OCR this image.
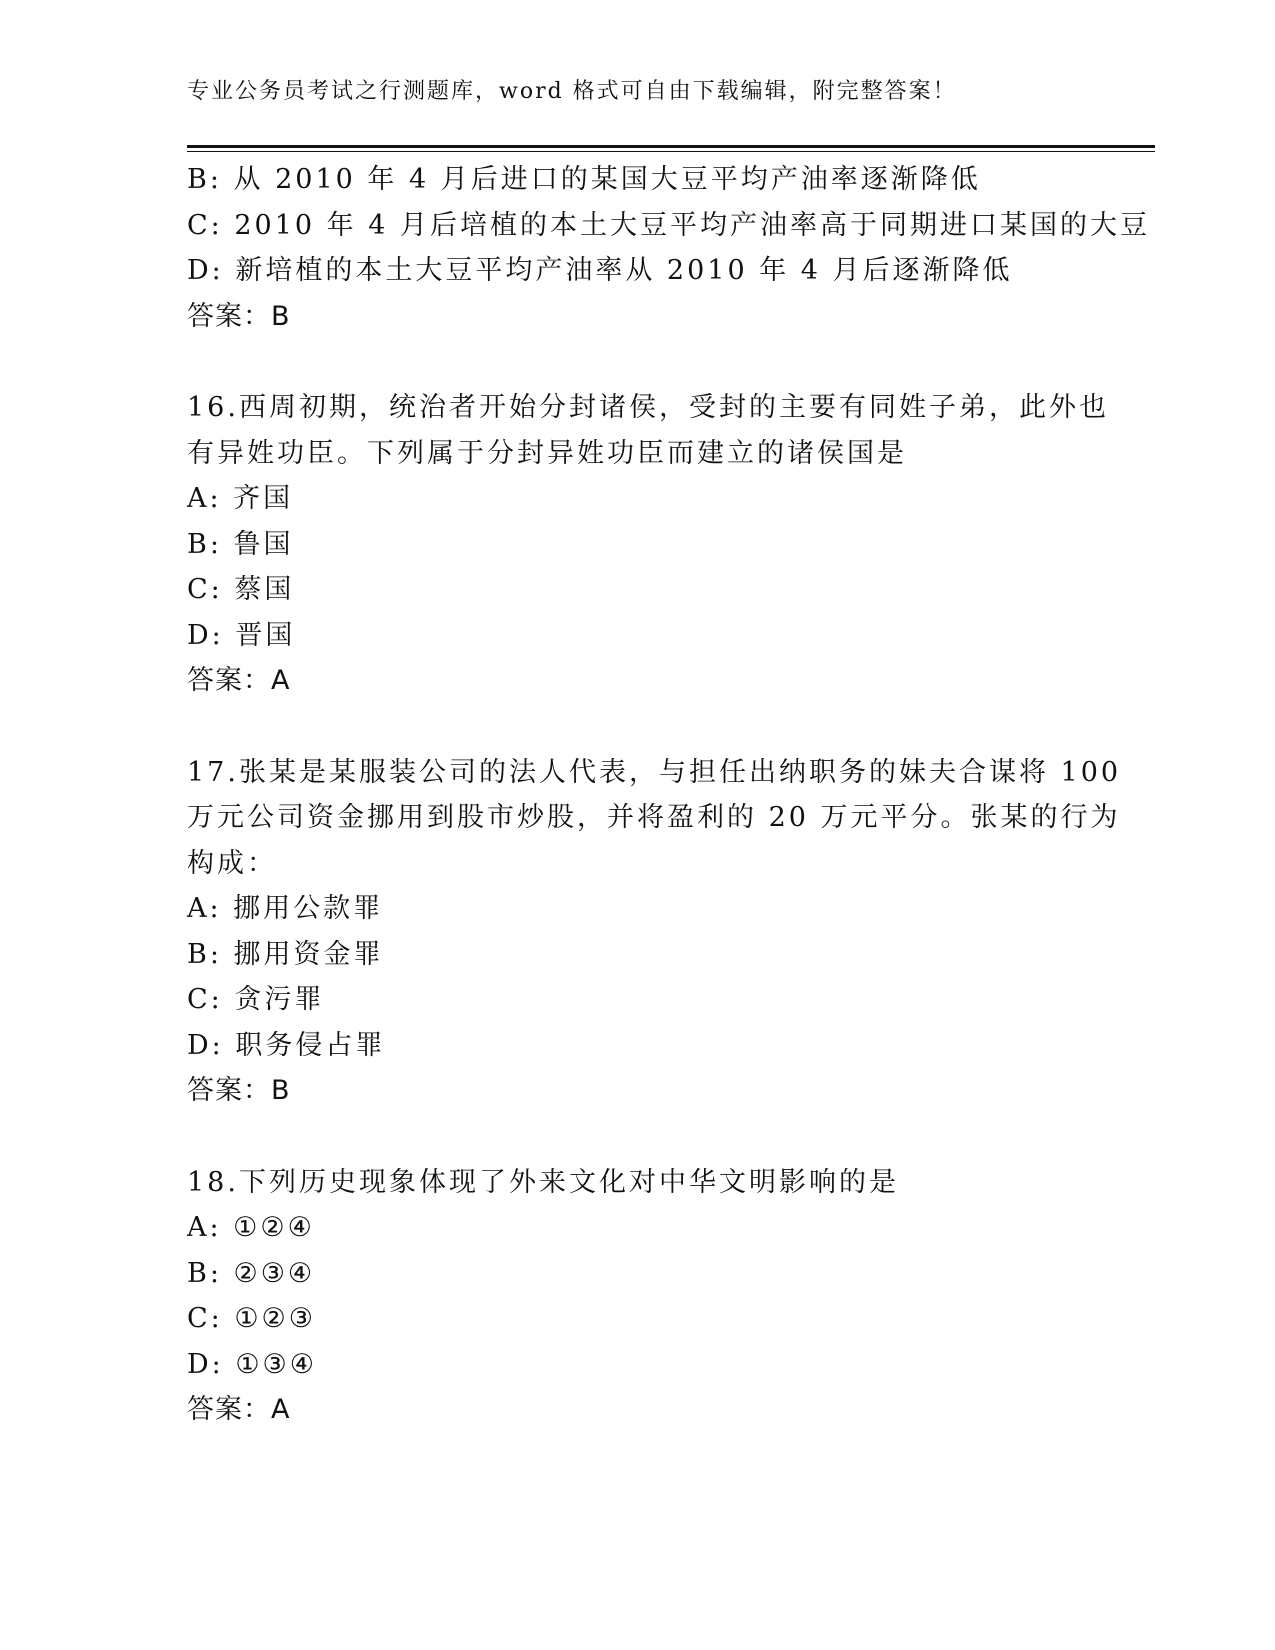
专业公务员考试之行测题库，word 格式可自由下载编辑，附完整答案！
B: 从 2010 年 4 月后进口的某国大豆平均产油率逐渐降低
C: 2010 年 4 月后培植的本土大豆平均产油率高于同期进口某国的大豆
D: 新培植的本土大豆平均产油率从 2010 年 4 月后逐渐降低
答案：B
16.西周初期，统治者开始分封诸侯，受封的主要有同姓子弟，此外也
有异姓功臣。下列属于分封异姓功臣而建立的诸侯国是
A: 齐国
B: 鲁国
C: 蔡国
D: 晋国
答案：A
17.张某是某服装公司的法人代表，与担任出纳职务的妹夫合谋将 100
万元公司资金挪用到股市炒股，并将盈利的 20 万元平分。张某的行为
构成：
A: 挪用公款罪
B: 挪用资金罪
C: 贪污罪
D: 职务侵占罪
答案：B
18.下列历史现象体现了外来文化对中华文明影响的是
A: ①②④
B: ②③④
C: ①②③
D: ①③④
答案：A
